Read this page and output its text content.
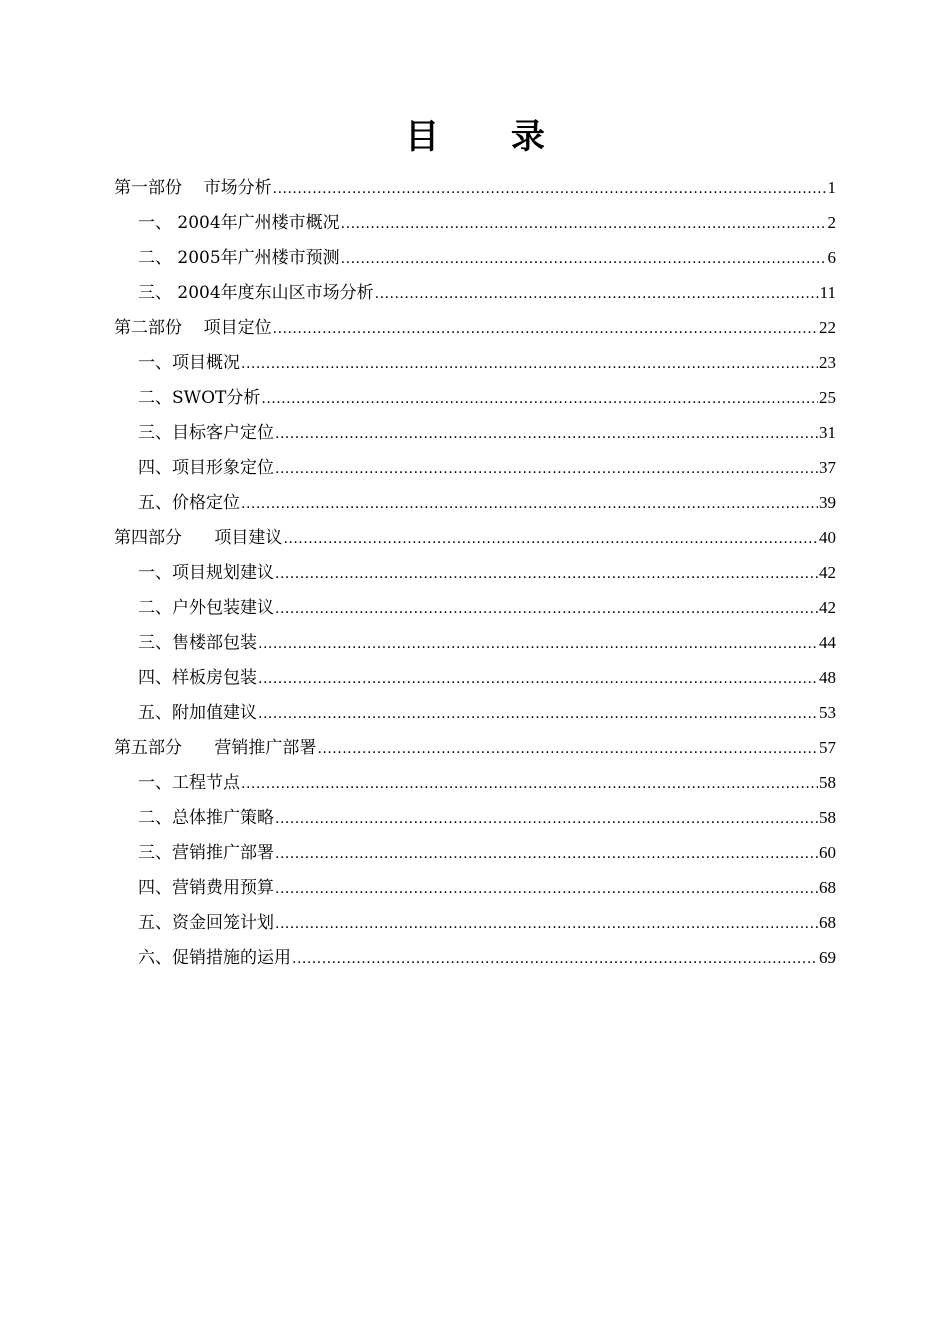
目 录
第一部份    市场分析 .....	1
一、 2004年广州楼市概况 .....	2
二、 2005年广州楼市预测 .....	6
三、 2004年度东山区市场分析 .....	11
第二部份    项目定位 .....	22
一、项目概况 .....	23
二、SWOT分析 .....	25
三、目标客户定位 .....	31
四、项目形象定位 .....	37
五、价格定位 .....	39
第四部分      项目建议 .....	40
一、项目规划建议 .....	42
二、户外包装建议 .....	42
三、售楼部包装 .....	44
四、样板房包装 .....	48
五、附加值建议 .....	53
第五部分      营销推广部署 .....	57
一、工程节点 .....	58
二、总体推广策略 .....	58
三、营销推广部署 .....	60
四、营销费用预算 .....	68
五、资金回笼计划 .....	68
六、促销措施的运用 .....	69
